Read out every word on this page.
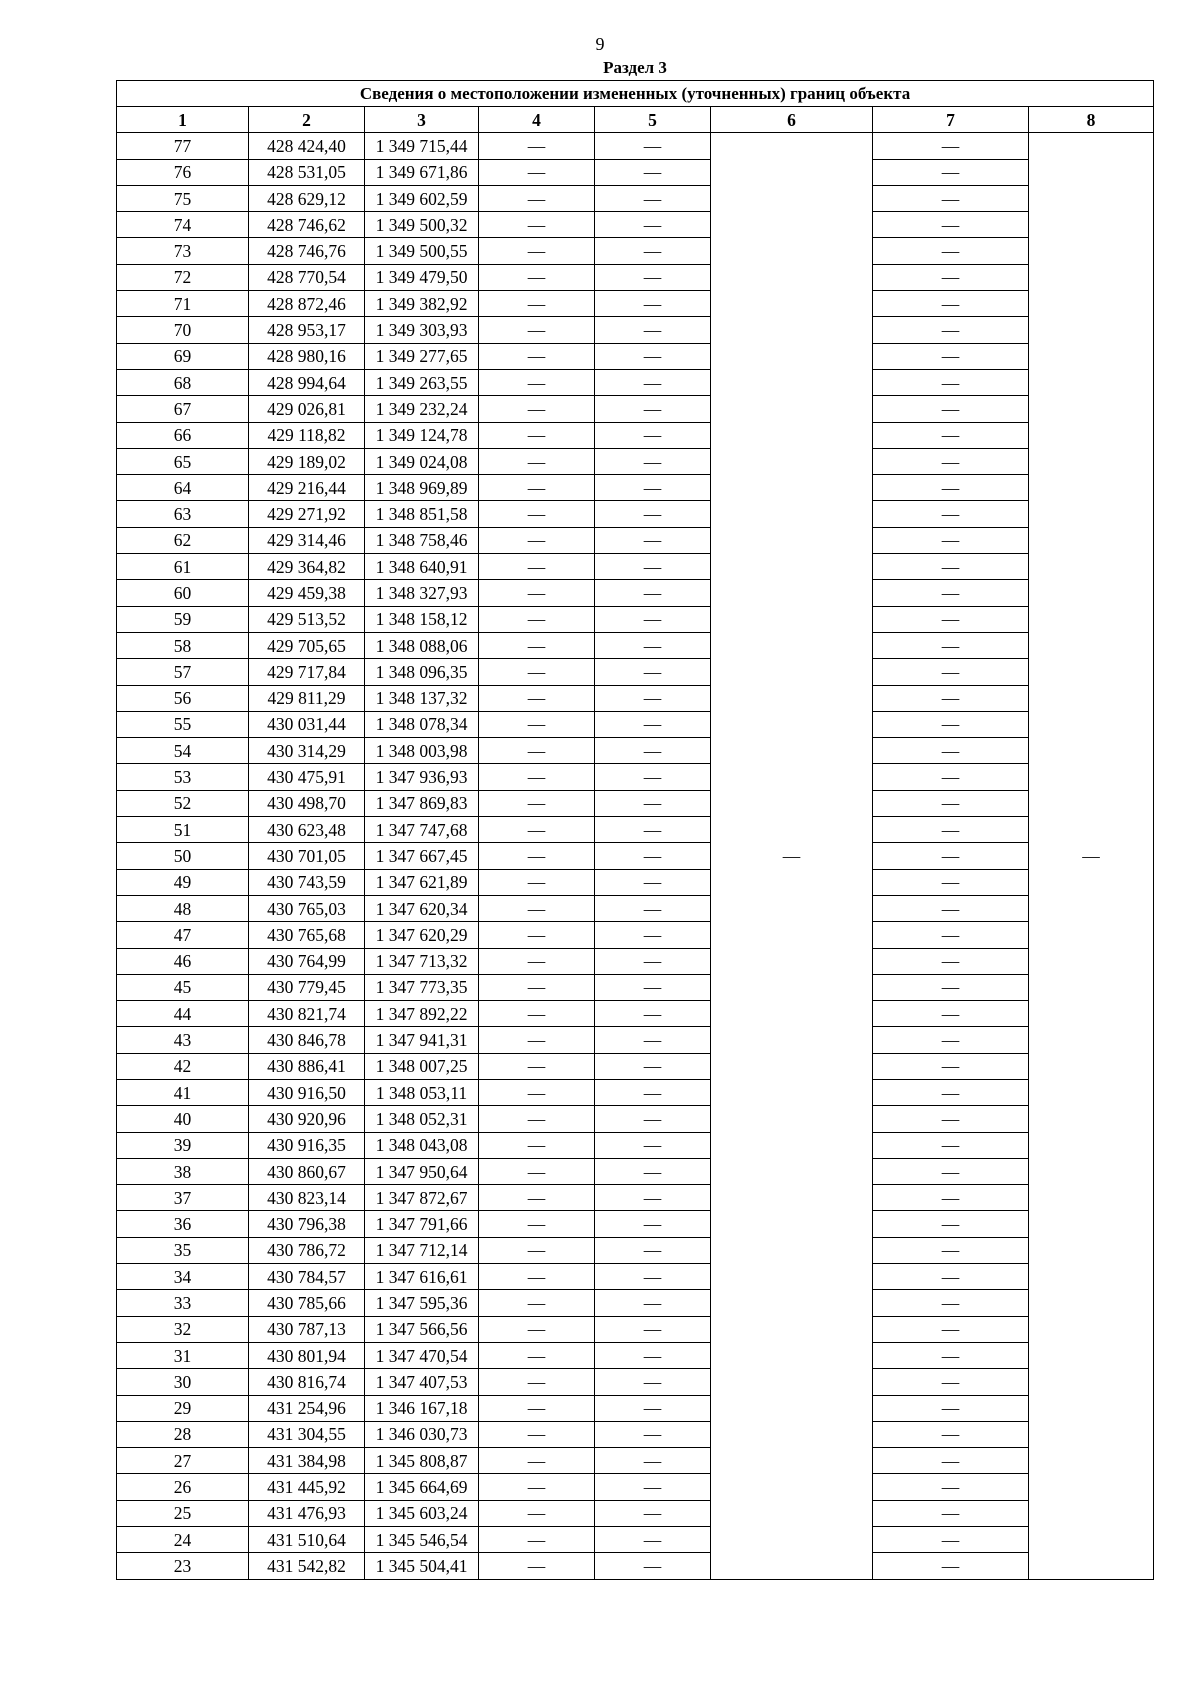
9
Раздел 3
Сведения о местоположении измененных (уточненных) границ объекта							
1	2	3	4	5	6	7	8
77	428 424,40	1 349 715,44	—	—	—	—	—
76	428 531,05	1 349 671,86	—	—		—	
75	428 629,12	1 349 602,59	—	—		—	
74	428 746,62	1 349 500,32	—	—		—	
73	428 746,76	1 349 500,55	—	—		—	
72	428 770,54	1 349 479,50	—	—		—	
71	428 872,46	1 349 382,92	—	—		—	
70	428 953,17	1 349 303,93	—	—		—	
69	428 980,16	1 349 277,65	—	—		—	
68	428 994,64	1 349 263,55	—	—		—	
67	429 026,81	1 349 232,24	—	—		—	
66	429 118,82	1 349 124,78	—	—		—	
65	429 189,02	1 349 024,08	—	—		—	
64	429 216,44	1 348 969,89	—	—		—	
63	429 271,92	1 348 851,58	—	—		—	
62	429 314,46	1 348 758,46	—	—		—	
61	429 364,82	1 348 640,91	—	—		—	
60	429 459,38	1 348 327,93	—	—		—	
59	429 513,52	1 348 158,12	—	—		—	
58	429 705,65	1 348 088,06	—	—		—	
57	429 717,84	1 348 096,35	—	—		—	
56	429 811,29	1 348 137,32	—	—		—	
55	430 031,44	1 348 078,34	—	—		—	
54	430 314,29	1 348 003,98	—	—		—	
53	430 475,91	1 347 936,93	—	—		—	
52	430 498,70	1 347 869,83	—	—		—	
51	430 623,48	1 347 747,68	—	—		—	
50	430 701,05	1 347 667,45	—	—		—	
49	430 743,59	1 347 621,89	—	—		—	
48	430 765,03	1 347 620,34	—	—		—	
47	430 765,68	1 347 620,29	—	—		—	
46	430 764,99	1 347 713,32	—	—		—	
45	430 779,45	1 347 773,35	—	—		—	
44	430 821,74	1 347 892,22	—	—		—	
43	430 846,78	1 347 941,31	—	—		—	
42	430 886,41	1 348 007,25	—	—		—	
41	430 916,50	1 348 053,11	—	—		—	
40	430 920,96	1 348 052,31	—	—		—	
39	430 916,35	1 348 043,08	—	—		—	
38	430 860,67	1 347 950,64	—	—		—	
37	430 823,14	1 347 872,67	—	—		—	
36	430 796,38	1 347 791,66	—	—		—	
35	430 786,72	1 347 712,14	—	—		—	
34	430 784,57	1 347 616,61	—	—		—	
33	430 785,66	1 347 595,36	—	—		—	
32	430 787,13	1 347 566,56	—	—		—	
31	430 801,94	1 347 470,54	—	—		—	
30	430 816,74	1 347 407,53	—	—		—	
29	431 254,96	1 346 167,18	—	—		—	
28	431 304,55	1 346 030,73	—	—		—	
27	431 384,98	1 345 808,87	—	—		—	
26	431 445,92	1 345 664,69	—	—		—	
25	431 476,93	1 345 603,24	—	—		—	
24	431 510,64	1 345 546,54	—	—		—	
23	431 542,82	1 345 504,41	—	—		—	
